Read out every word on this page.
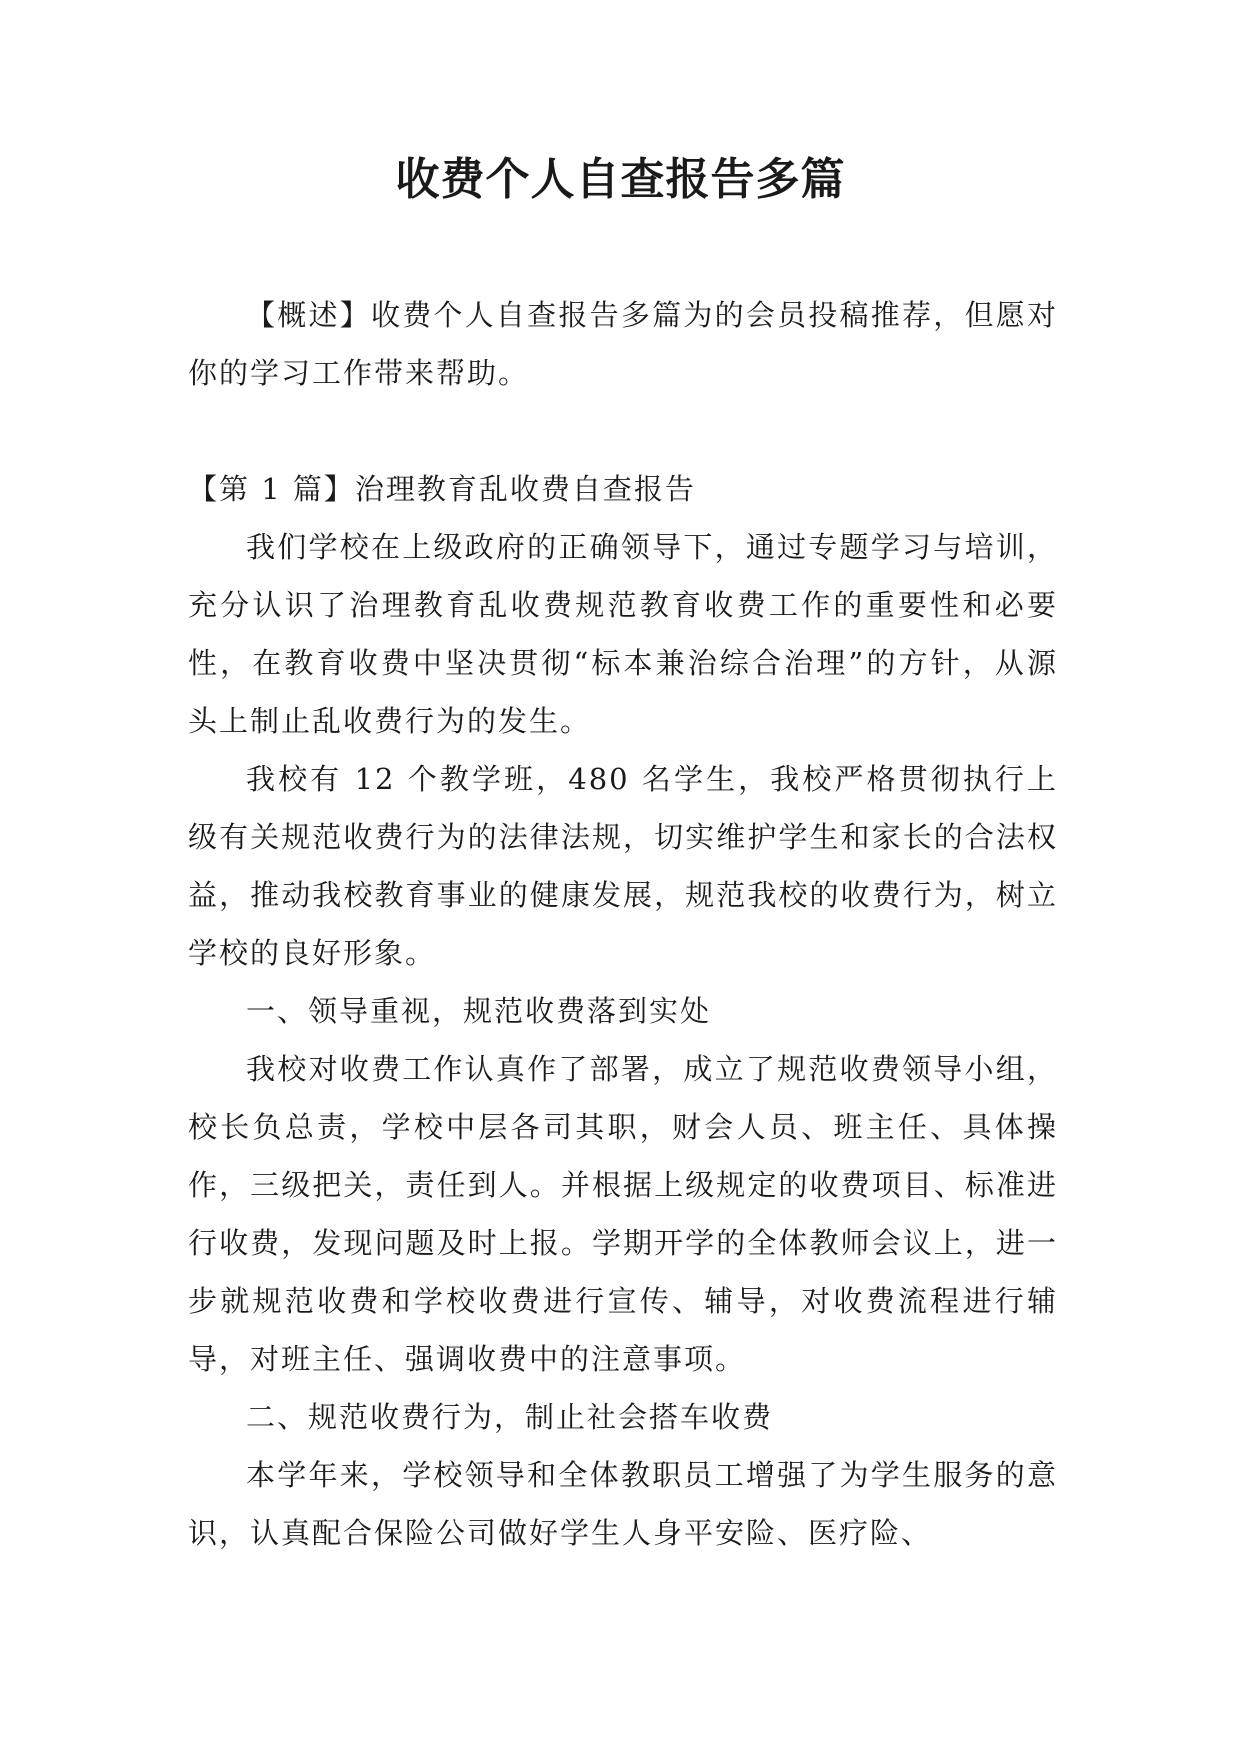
收费个人自查报告多篇

【概述】收费个人自查报告多篇为的会员投稿推荐，但愿对你的学习工作带来帮助。

【第 1 篇】治理教育乱收费自查报告

我们学校在上级政府的正确领导下，通过专题学习与培训，充分认识了治理教育乱收费规范教育收费工作的重要性和必要性，在教育收费中坚决贯彻“标本兼治综合治理”的方针，从源头上制止乱收费行为的发生。

我校有 12 个教学班，480 名学生，我校严格贯彻执行上级有关规范收费行为的法律法规，切实维护学生和家长的合法权益，推动我校教育事业的健康发展，规范我校的收费行为，树立学校的良好形象。

一、领导重视，规范收费落到实处

我校对收费工作认真作了部署，成立了规范收费领导小组，校长负总责，学校中层各司其职，财会人员、班主任、具体操作，三级把关，责任到人。并根据上级规定的收费项目、标准进行收费，发现问题及时上报。学期开学的全体教师会议上，进一步就规范收费和学校收费进行宣传、辅导，对收费流程进行辅导，对班主任、强调收费中的注意事项。

二、规范收费行为，制止社会搭车收费

本学年来，学校领导和全体教职员工增强了为学生服务的意识，认真配合保险公司做好学生人身平安险、医疗险、
